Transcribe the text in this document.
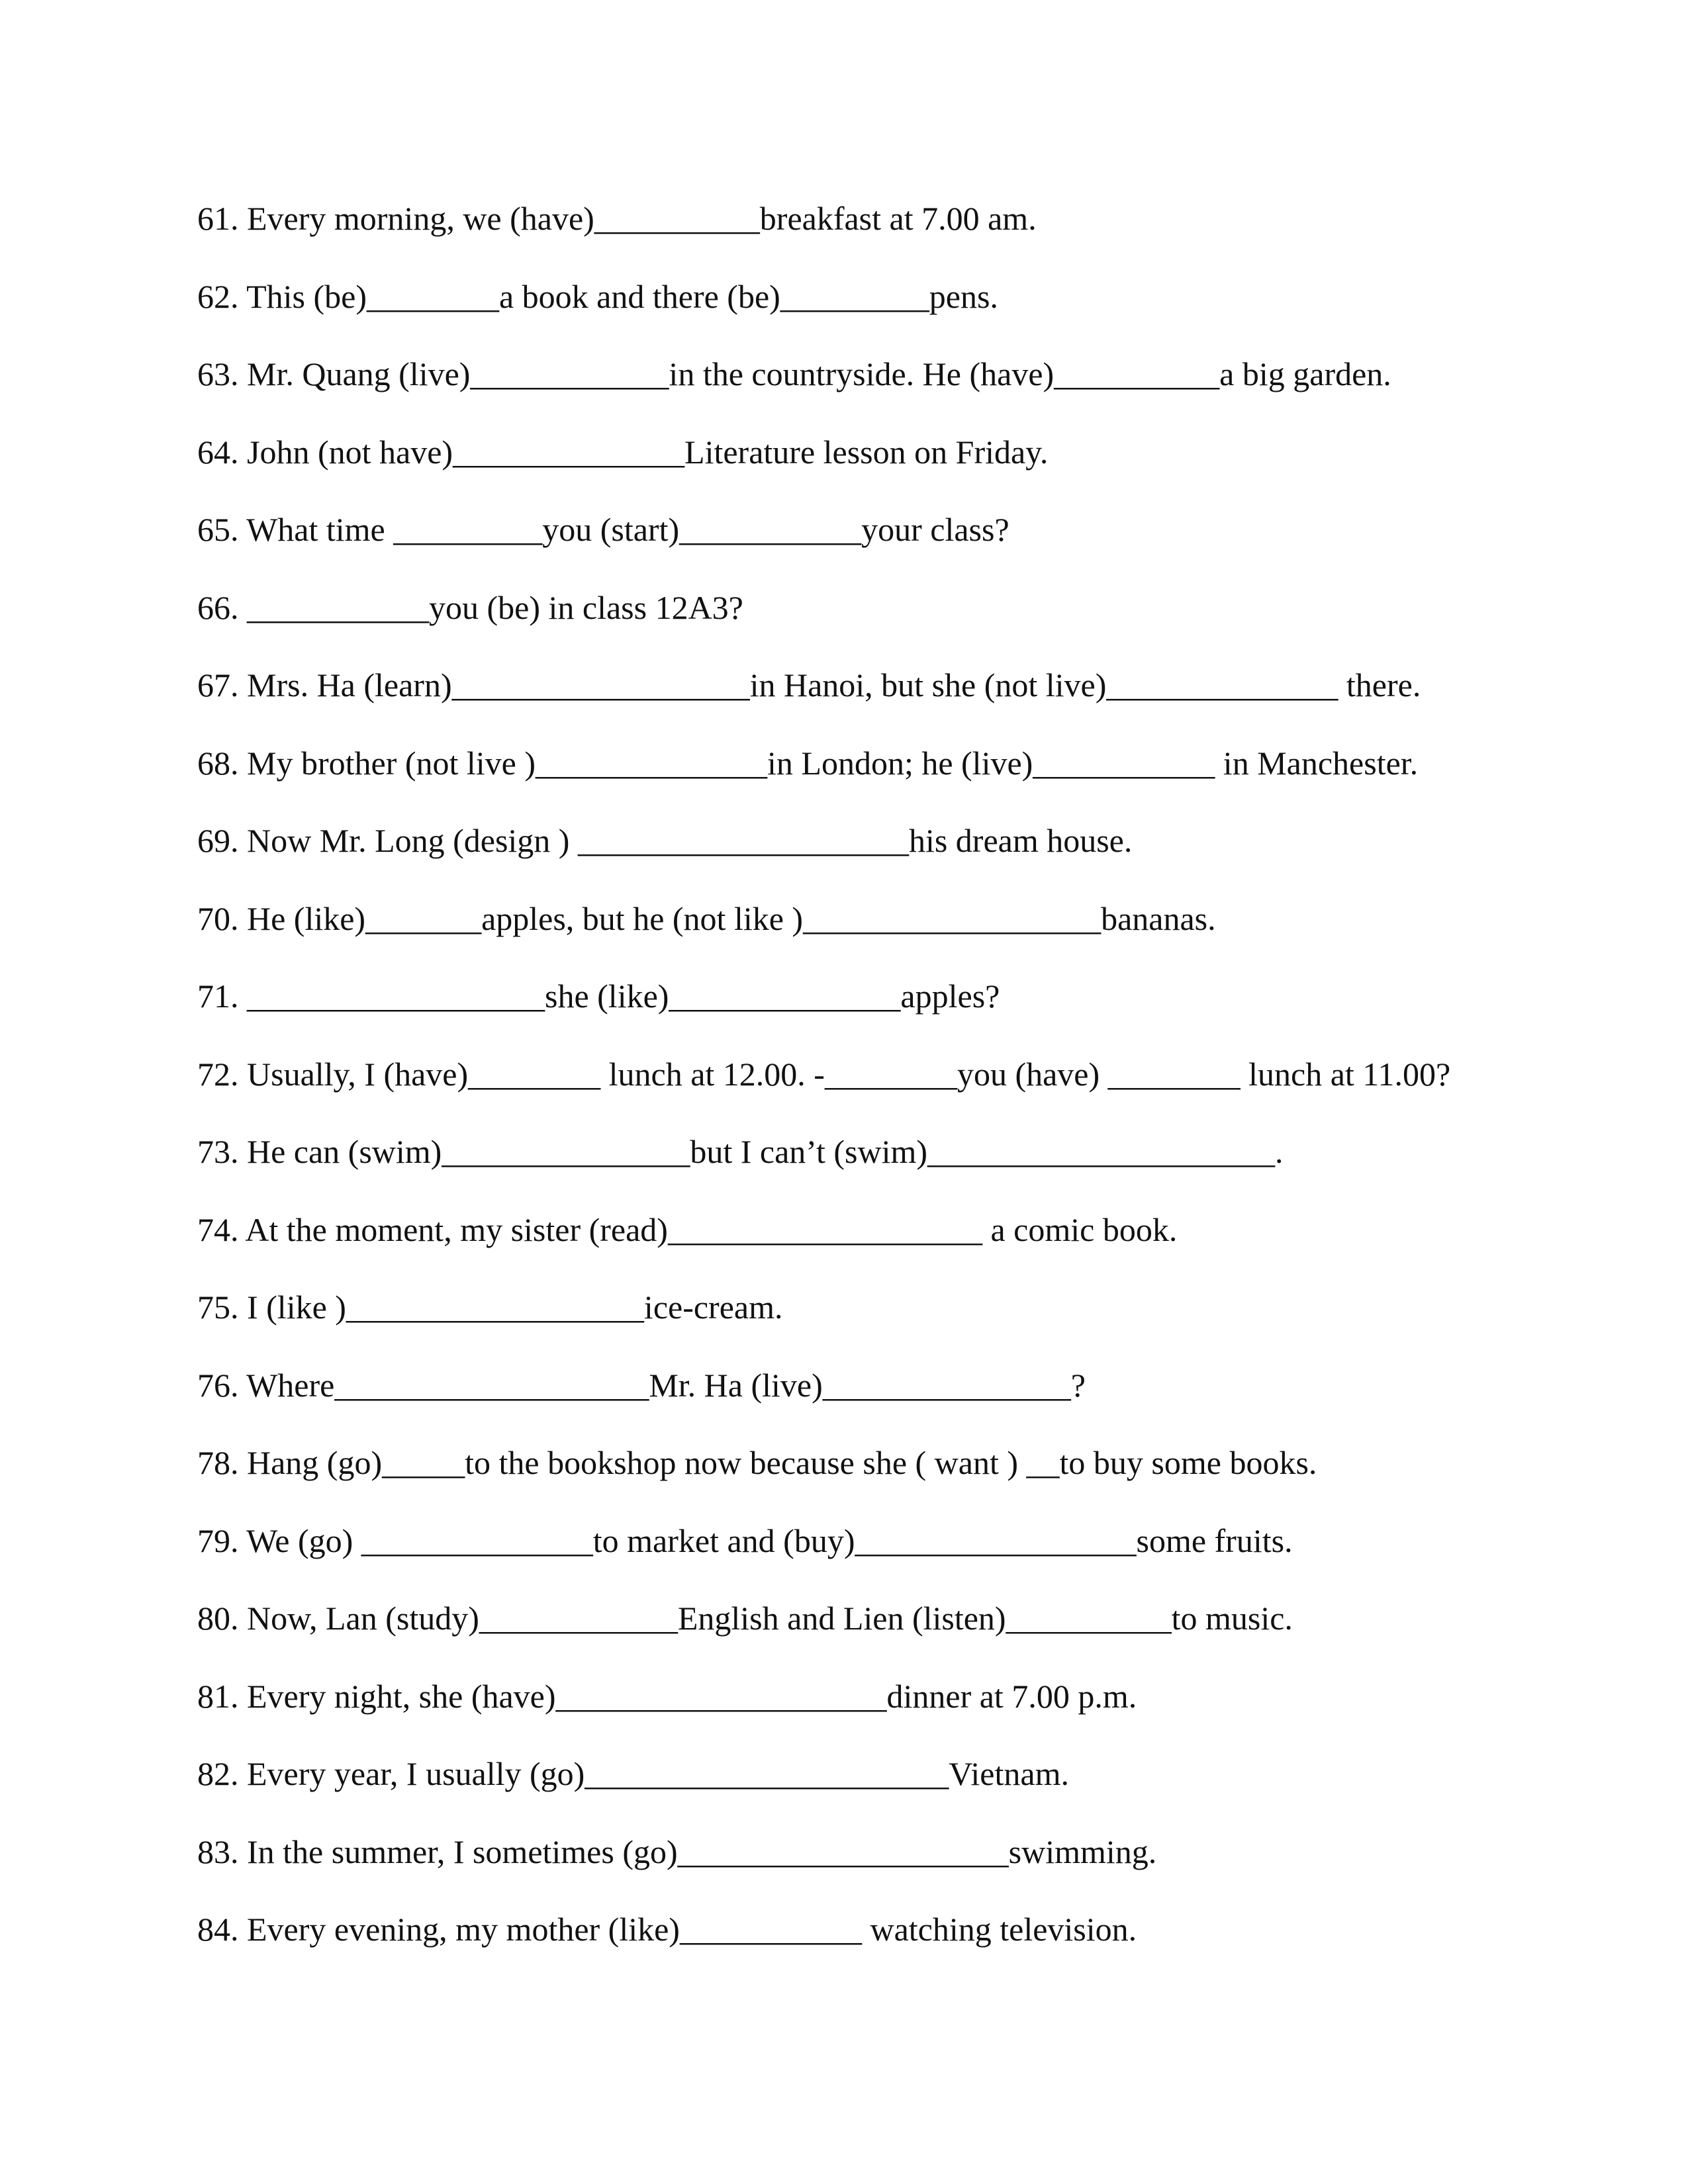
61. Every morning, we (have)__________breakfast at 7.00 am.
62. This (be)________a book and there (be)_________pens.
63. Mr. Quang (live)____________in the countryside. He (have)__________a big garden.
64. John (not have)______________Literature lesson on Friday.
65. What time _________you (start)___________your class?
66. ___________you (be) in class 12A3?
67. Mrs. Ha (learn)__________________in Hanoi, but she (not live)______________ there.
68. My brother (not live )______________in London; he (live)___________ in Manchester.
69. Now Mr. Long (design ) ____________________his dream house.
70. He (like)_______apples, but he (not like )__________________bananas.
71. __________________she (like)______________apples?
72. Usually, I (have)________ lunch at 12.00. -________you (have) ________ lunch at 11.00?
73. He can (swim)_______________but I can’t (swim)_____________________.
74. At the moment, my sister (read)___________________ a comic book.
75. I (like )__________________ice-cream.
76. Where___________________Mr. Ha (live)_______________?
78. Hang (go)_____to the bookshop now because she ( want ) __to buy some books.
79. We (go) ______________to market and (buy)_________________some fruits.
80. Now, Lan (study)____________English and Lien (listen)__________to music.
81. Every night, she (have)____________________dinner at 7.00 p.m.
82. Every year, I usually (go)______________________Vietnam.
83. In the summer, I sometimes (go)____________________swimming.
84. Every evening, my mother (like)___________ watching television.
